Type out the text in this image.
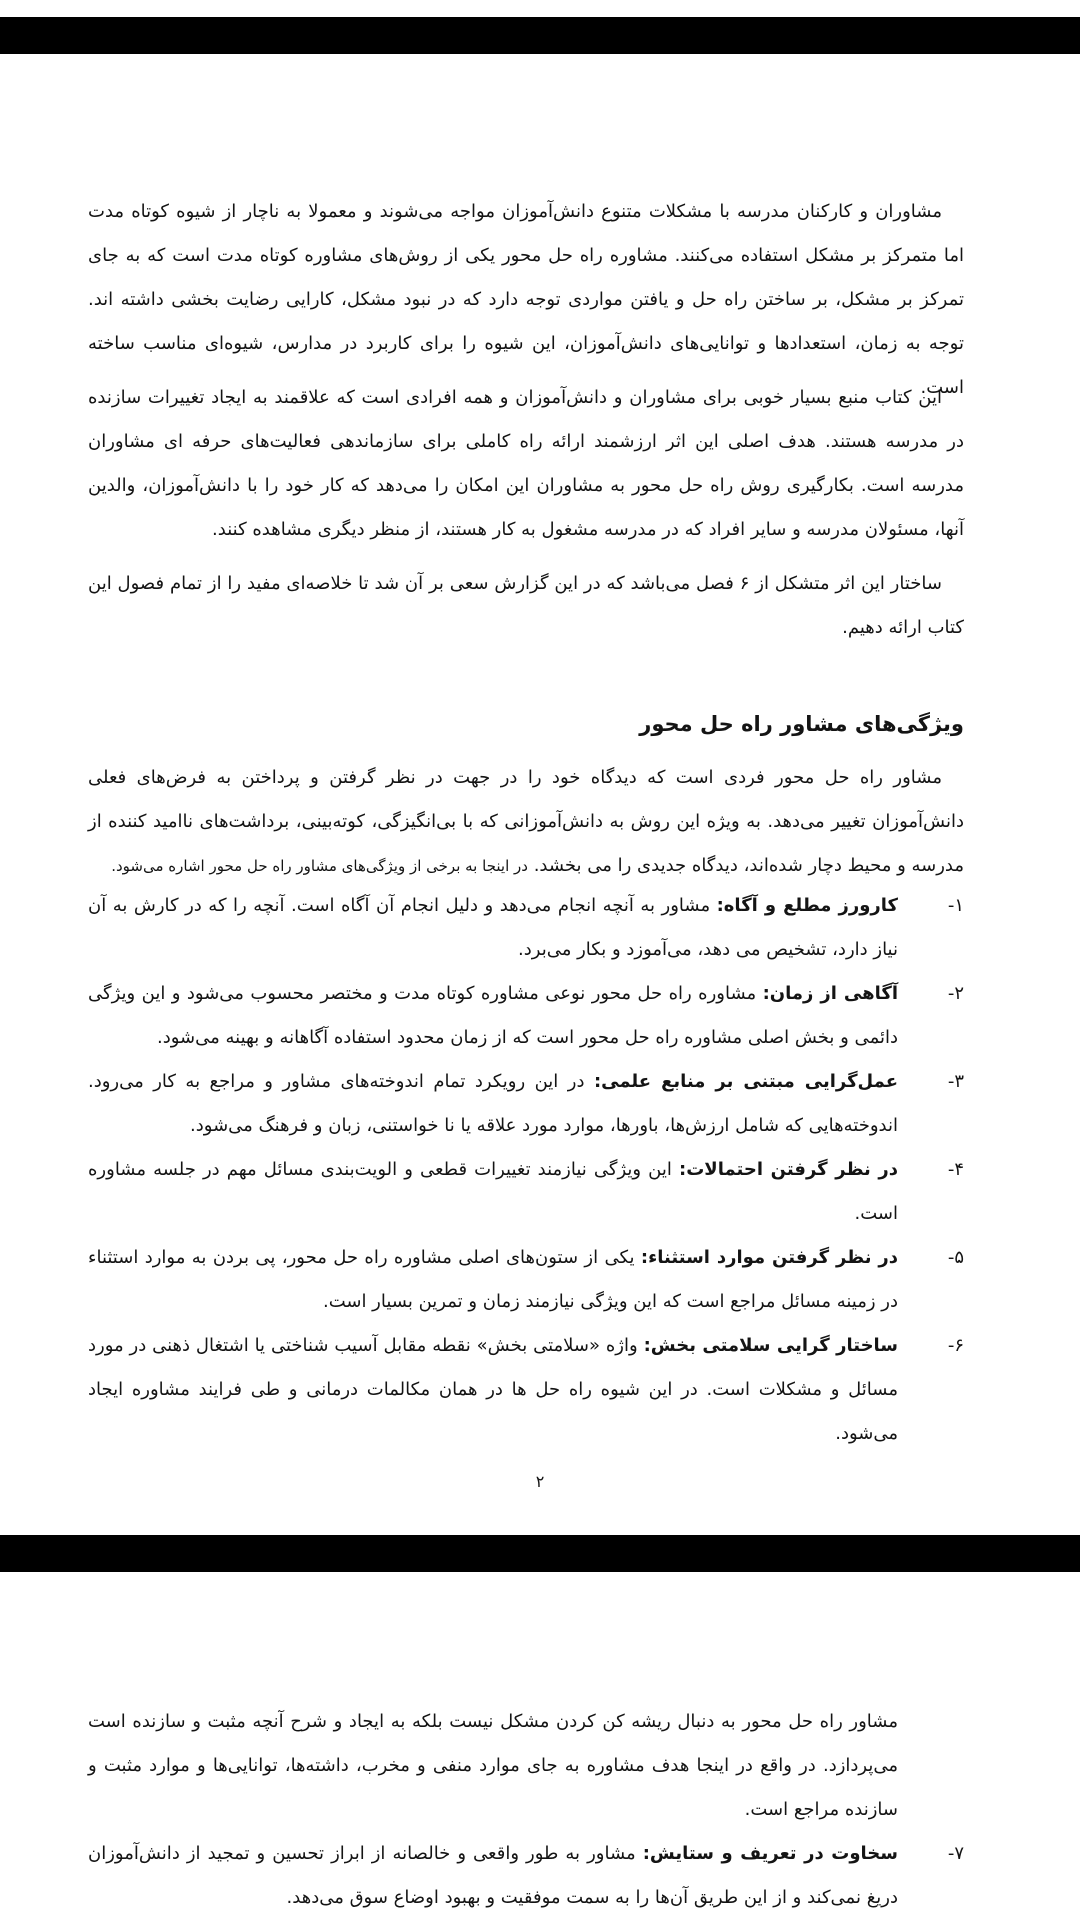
مشاوران و کارکنان مدرسه با مشکلات متنوع دانش‌آموزان مواجه می‌شوند و معمولا به ناچار از شیوه کوتاه مدت اما متمرکز بر مشکل استفاده می‌کنند. مشاوره راه حل محور یکی از روش‌های مشاوره کوتاه مدت است که به جای تمرکز بر مشکل، بر ساختن راه حل و یافتن مواردی توجه دارد که در نبود مشکل، کارایی رضایت بخشی داشته اند. توجه به زمان، استعدادها و توانایی‌های دانش‌آموزان، این شیوه را برای کاربرد در مدارس، شیوه‌ای مناسب ساخته است.

این کتاب منبع بسیار خوبی برای مشاوران و دانش‌آموزان و همه افرادی است که علاقمند به ایجاد تغییرات سازنده در مدرسه هستند. هدف اصلی این اثر ارزشمند ارائه راه کاملی برای سازماندهی فعالیت‌های حرفه ای مشاوران مدرسه است. بکارگیری روش راه حل محور به مشاوران این امکان را می‌دهد که کار خود را با دانش‌آموزان، والدین آنها، مسئولان مدرسه و سایر افراد که در مدرسه مشغول به کار هستند، از منظر دیگری مشاهده کنند.

ساختار این اثر متشکل از ۶ فصل می‌باشد که در این گزارش سعی بر آن شد تا خلاصه‌ای مفید را از تمام فصول این کتاب ارائه دهیم.

ویژگی‌های مشاور راه حل محور

مشاور راه حل محور فردی است که دیدگاه خود را در جهت در نظر گرفتن و پرداختن به فرض‌های فعلی دانش‌آموزان تغییر می‌دهد. به ویژه این روش به دانش‌آموزانی که با بی‌انگیزگی، کوته‌بینی، برداشت‌های ناامید کننده از مدرسه و محیط دچار شده‌اند، دیدگاه جدیدی را می بخشد. در اینجا به برخی از ویژگی‌های مشاور راه حل محور اشاره می‌شود.

۱-
کارورز مطلع و آگاه: مشاور به آنچه انجام می‌دهد و دلیل انجام آن آگاه است. آنچه را که در کارش به آن نیاز دارد، تشخیص می دهد، می‌آموزد و بکار می‌برد.
۲-
آگاهی از زمان: مشاوره راه حل محور نوعی مشاوره کوتاه مدت و مختصر محسوب می‌شود و این ویژگی دائمی و بخش اصلی مشاوره راه حل محور است که از زمان محدود استفاده آگاهانه و بهینه می‌شود.
۳-
عمل‌گرایی مبتنی بر منابع علمی: در این رویکرد تمام اندوخته‌های مشاور و مراجع به کار می‌رود. اندوخته‌هایی که شامل ارزش‌ها، باورها، موارد مورد علاقه یا نا خواستنی، زبان و فرهنگ می‌شود.
۴-
در نظر گرفتن احتمالات: این ویژگی نیازمند تغییرات قطعی و الویت‌بندی مسائل مهم در جلسه مشاوره است.
۵-
در نظر گرفتن موارد استثناء: یکی از ستون‌های اصلی مشاوره راه حل محور، پی بردن به موارد استثناء در زمینه مسائل مراجع است که این ویژگی نیازمند زمان و تمرین بسیار است.
۶-
ساختار گرایی سلامتی بخش: واژه «سلامتی بخش» نقطه مقابل آسیب شناختی یا اشتغال ذهنی در مورد مسائل و مشکلات است. در این شیوه راه حل ها در همان مکالمات درمانی و طی فرایند مشاوره ایجاد می‌شود.
۲

مشاور راه حل محور به دنبال ریشه کن کردن مشکل نیست بلکه به ایجاد و شرح آنچه مثبت و سازنده است می‌پردازد. در واقع در اینجا هدف مشاوره به جای موارد منفی و مخرب، داشته‌ها، توانایی‌ها و موارد مثبت و سازنده مراجع است.

۷-
سخاوت در تعریف و ستایش: مشاور به طور واقعی و خالصانه از ابراز تحسین و تمجید از دانش‌آموزان دریغ نمی‌کند و از این طریق آن‌ها را به سمت موفقیت و بهبود اوضاع سوق می‌دهد.
